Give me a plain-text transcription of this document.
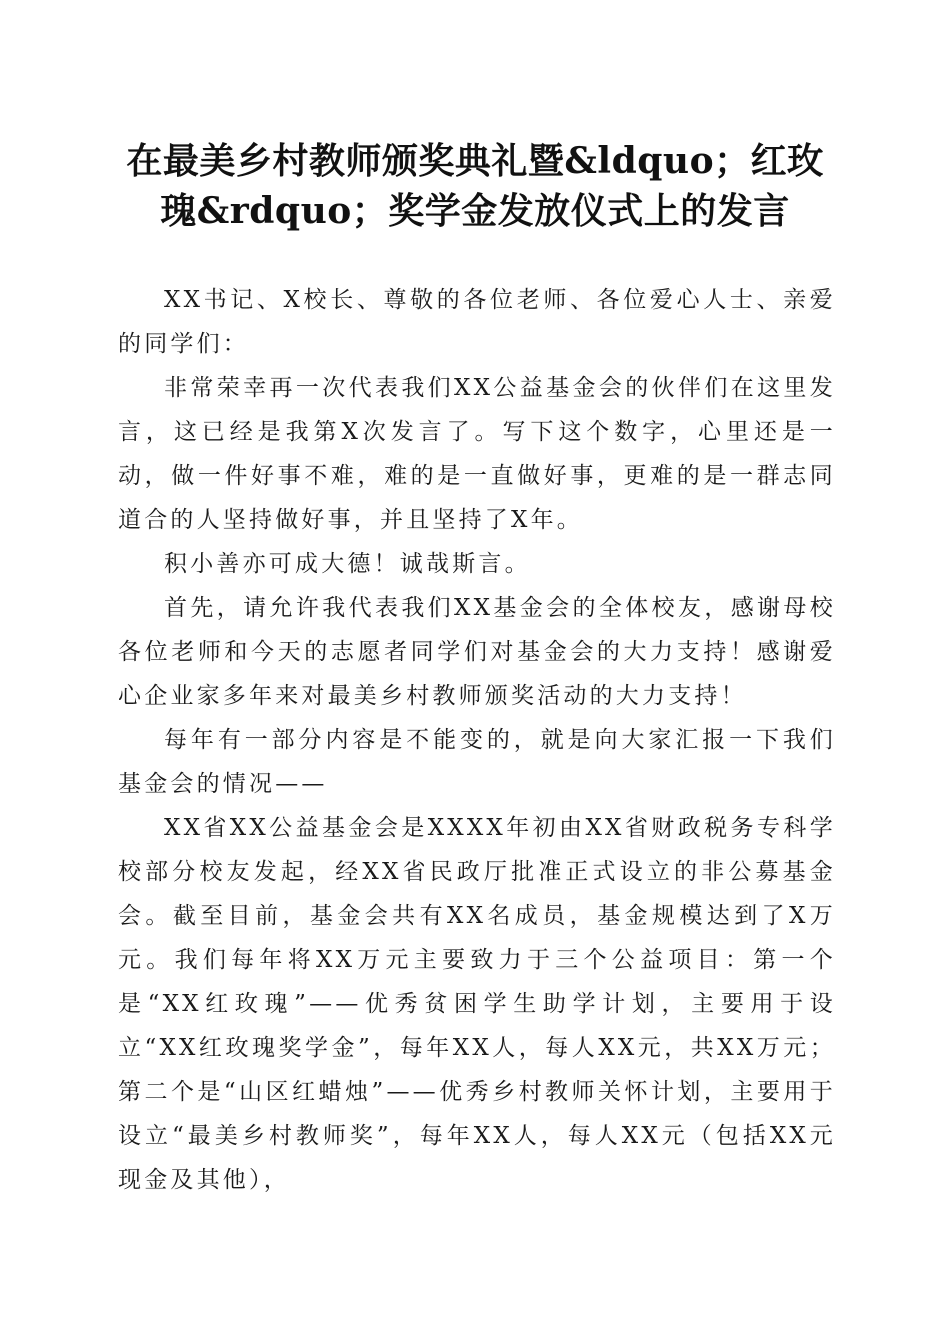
在最美乡村教师颁奖典礼暨&ldquo；红玫瑰&rdquo；奖学金发放仪式上的发言

XX书记、X校长、尊敬的各位老师、各位爱心人士、亲爱的同学们：

非常荣幸再一次代表我们XX公益基金会的伙伴们在这里发言，这已经是我第X次发言了。写下这个数字，心里还是一动，做一件好事不难，难的是一直做好事，更难的是一群志同道合的人坚持做好事，并且坚持了X年。

积小善亦可成大德！诚哉斯言。

首先，请允许我代表我们XX基金会的全体校友，感谢母校各位老师和今天的志愿者同学们对基金会的大力支持！感谢爱心企业家多年来对最美乡村教师颁奖活动的大力支持！

每年有一部分内容是不能变的，就是向大家汇报一下我们基金会的情况——

XX省XX公益基金会是XXXX年初由XX省财政税务专科学校部分校友发起，经XX省民政厅批准正式设立的非公募基金会。截至目前，基金会共有XX名成员，基金规模达到了X万元。我们每年将XX万元主要致力于三个公益项目：第一个是“XX红玫瑰”——优秀贫困学生助学计划，主要用于设立“XX红玫瑰奖学金”，每年XX人，每人XX元，共XX万元；第二个是“山区红蜡烛”——优秀乡村教师关怀计划，主要用于设立“最美乡村教师奖”，每年XX人，每人XX元（包括XX元现金及其他），
